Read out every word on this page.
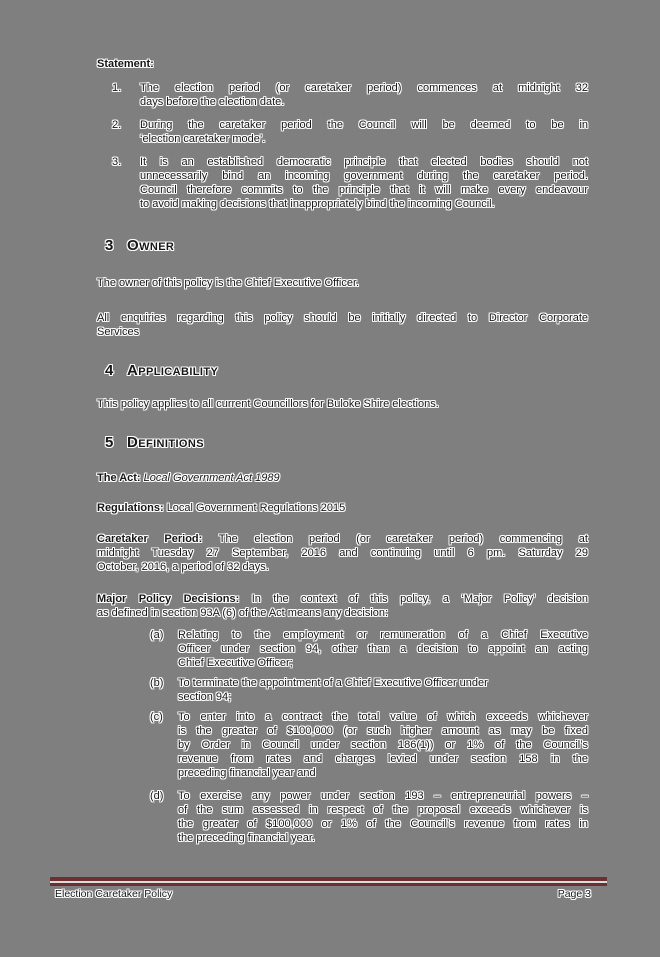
Statement:
1.	The election period (or caretaker period) commences at midnight 32
days before the election date.
2.	During the caretaker period the Council will be deemed to be in
‘election caretaker mode’.
3.	It is an established democratic principle that elected bodies should not
unnecessarily bind an incoming government during the caretaker period.
Council therefore commits to the principle that it will make every endeavour
to avoid making decisions that inappropriately bind the incoming Council.
3 Owner
The owner of this policy is the Chief Executive Officer.
All enquiries regarding this policy should be initially directed to Director Corporate
Services
4 Applicability
This policy applies to all current Councillors for Buloke Shire elections.
5 Definitions
The Act: Local Government Act 1989
Regulations: Local Government Regulations 2015
Caretaker Period: The election period (or caretaker period) commencing at
midnight Tuesday 27 September, 2016 and continuing until 6 pm. Saturday 29
October, 2016, a period of 32 days.
Major Policy Decisions: In the context of this policy, a ‘Major Policy’ decision
as defined in section 93A (6) of the Act means any decision:
(a)	Relating to the employment or remuneration of a Chief Executive
Officer under section 94, other than a decision to appoint an acting
Chief Executive Officer;
(b)	To terminate the appointment of a Chief Executive Officer under
section 94;
(c)	To enter into a contract the total value of which exceeds whichever
is the greater of $100,000 (or such higher amount as may be fixed
by Order in Council under section 186(1)) or 1% of the Council’s
revenue from rates and charges levied under section 158 in the
preceding financial year and
(d)	To exercise any power under section 193 – entrepreneurial powers –
of the sum assessed in respect of the proposal exceeds whichever is
the greater of $100,000 or 1% of the Council’s revenue from rates in
the preceding financial year.
Election Caretaker Policy	Page 3
